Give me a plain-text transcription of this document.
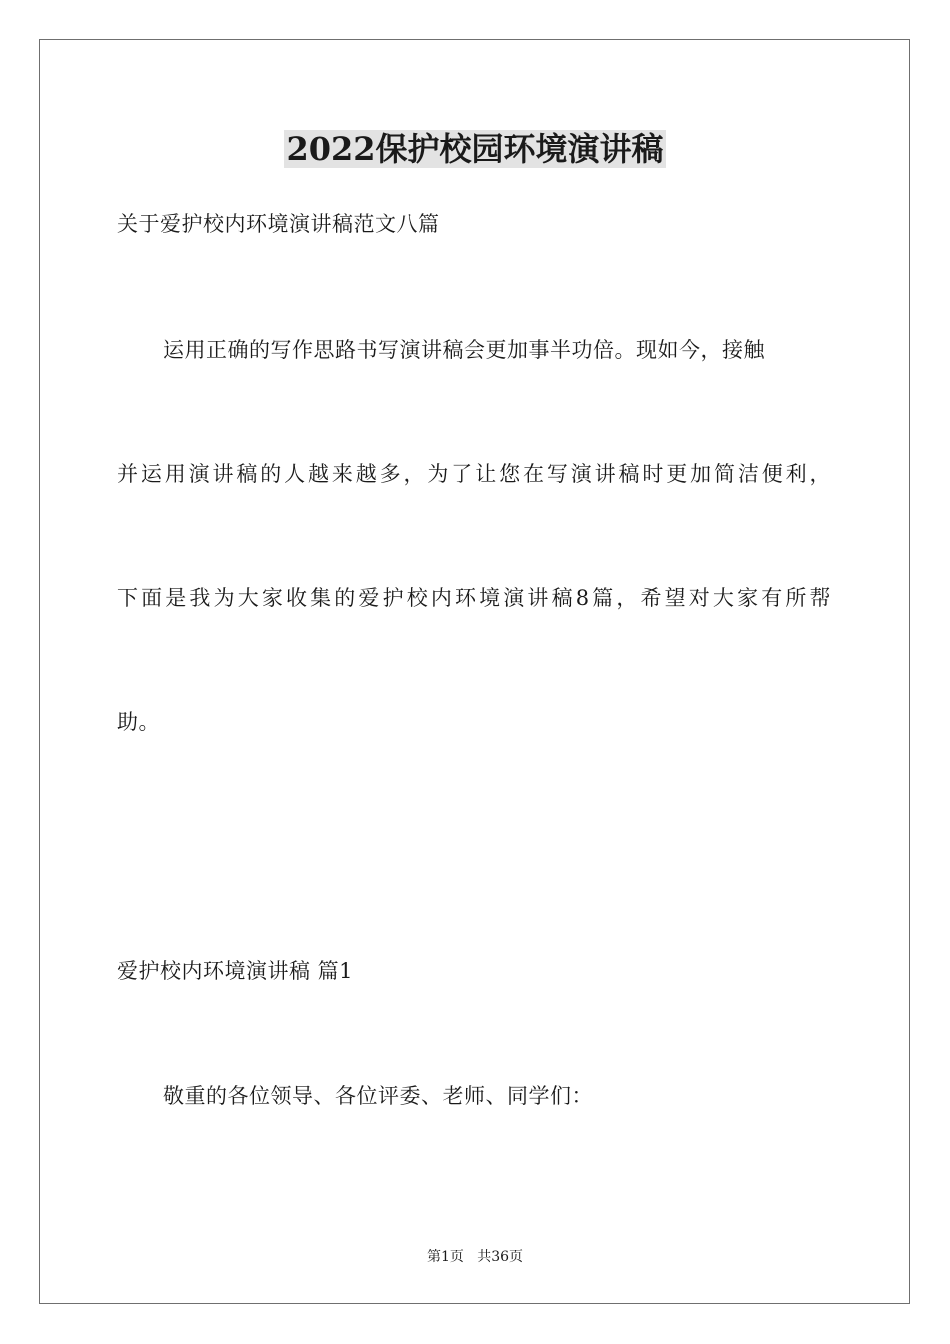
2022保护校园环境演讲稿
关于爱护校内环境演讲稿范文八篇
运用正确的写作思路书写演讲稿会更加事半功倍。现如今，接触
并运用演讲稿的人越来越多，为了让您在写演讲稿时更加简洁便利，
下面是我为大家收集的爱护校内环境演讲稿8篇，希望对大家有所帮
助。
爱护校内环境演讲稿 篇1
敬重的各位领导、各位评委、老师、同学们：
第1页   共36页
